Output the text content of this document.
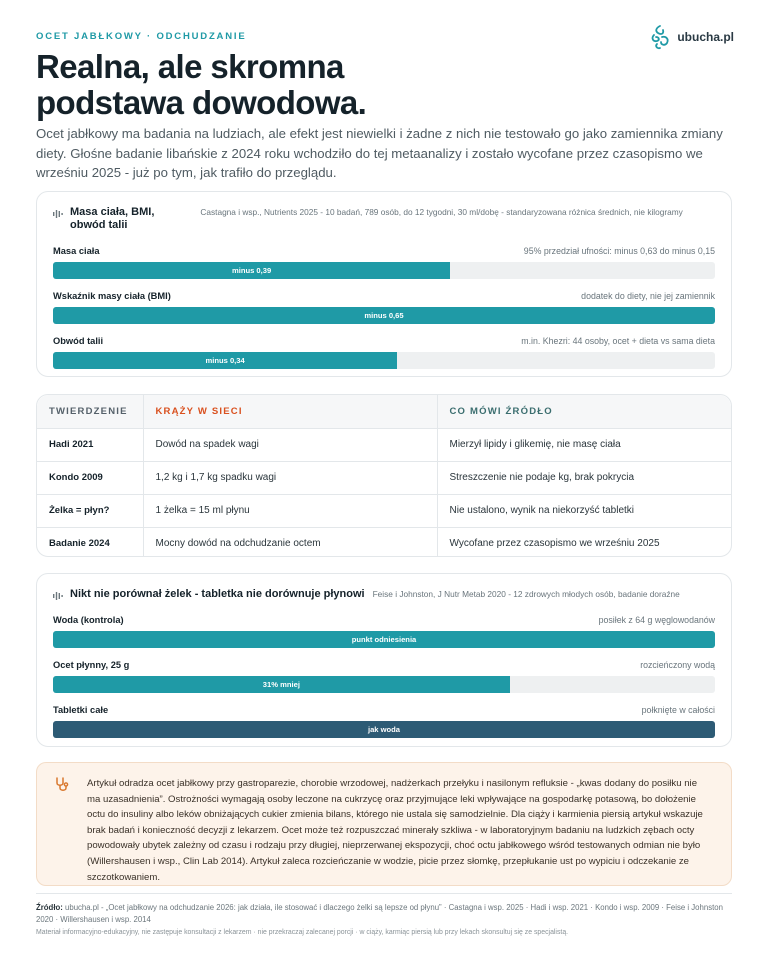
OCET JABŁKOWY · ODCHUDZANIE	ubucha.pl
Realna, ale skromna
podstawa dowodowa.

Ocet jabłkowy ma badania na ludziach, ale efekt jest niewielki i żadne z nich nie testowało go jako zamiennika zmiany diety. Głośne badanie libańskie z 2024 roku wchodziło do tej metaanalizy i zostało wycofane przez czasopismo we wrześniu 2025 - już po tym, jak trafiło do przeglądu.

Masa ciała, BMI, obwód talii
Castagna i wsp., Nutrients 2025 - 10 badań, 789 osób, do 12 tygodni, 30 ml/dobę - standaryzowana różnica średnich, nie kilogramy
Masa ciała	95% przedział ufności: minus 0,63 do minus 0,15
minus 0,39
Wskaźnik masy ciała (BMI)	dodatek do diety, nie jej zamiennik
minus 0,65
Obwód talii	m.in. Khezri: 44 osoby, ocet + dieta vs sama dieta
minus 0,34
TWIERDZENIE	KRĄŻY W SIECI	CO MÓWI ŹRÓDŁO
Hadi 2021	Dowód na spadek wagi	Mierzył lipidy i glikemię, nie masę ciała
Kondo 2009	1,2 kg i 1,7 kg spadku wagi	Streszczenie nie podaje kg, brak pokrycia
Żelka = płyn?	1 żelka = 15 ml płynu	Nie ustalono, wynik na niekorzyść tabletki
Badanie 2024	Mocny dowód na odchudzanie octem	Wycofane przez czasopismo we wrześniu 2025
Nikt nie porównał żelek - tabletka nie dorównuje płynowi Feise i Johnston, J Nutr Metab 2020 - 12 zdrowych młodych osób, badanie doraźne
Woda (kontrola)	posiłek z 64 g węglowodanów
punkt odniesienia
Ocet płynny, 25 g	rozcieńczony wodą
31% mniej
Tabletki całe	połknięte w całości
jak woda

Artykuł odradza ocet jabłkowy przy gastroparezie, chorobie wrzodowej, nadżerkach przełyku i nasilonym refluksie - „kwas dodany do posiłku nie ma uzasadnienia”. Ostrożności wymagają osoby leczone na cukrzycę oraz przyjmujące leki wpływające na gospodarkę potasową, bo dołożenie octu do insuliny albo leków obniżających cukier zmienia bilans, którego nie ustala się samodzielnie. Dla ciąży i karmienia piersią artykuł wskazuje brak badań i konieczność decyzji z lekarzem. Ocet może też rozpuszczać minerały szkliwa - w laboratoryjnym badaniu na ludzkich zębach octy powodowały ubytek zależny od czasu i rodzaju przy długiej, nieprzerwanej ekspozycji, choć octu jabłkowego wśród testowanych odmian nie było (Willershausen i wsp., Clin Lab 2014). Artykuł zaleca rozcieńczanie w wodzie, picie przez słomkę, przepłukanie ust po wypiciu i odczekanie ze szczotkowaniem.

Źródło: ubucha.pl - „Ocet jabłkowy na odchudzanie 2026: jak działa, ile stosować i dlaczego żelki są lepsze od płynu” · Castagna i wsp. 2025 · Hadi i wsp. 2021 · Kondo i wsp. 2009 · Feise i Johnston 2020 · Willershausen i wsp. 2014

Materiał informacyjno-edukacyjny, nie zastępuje konsultacji z lekarzem · nie przekraczaj zalecanej porcji · w ciąży, karmiąc piersią lub przy lekach skonsultuj się ze specjalistą.
